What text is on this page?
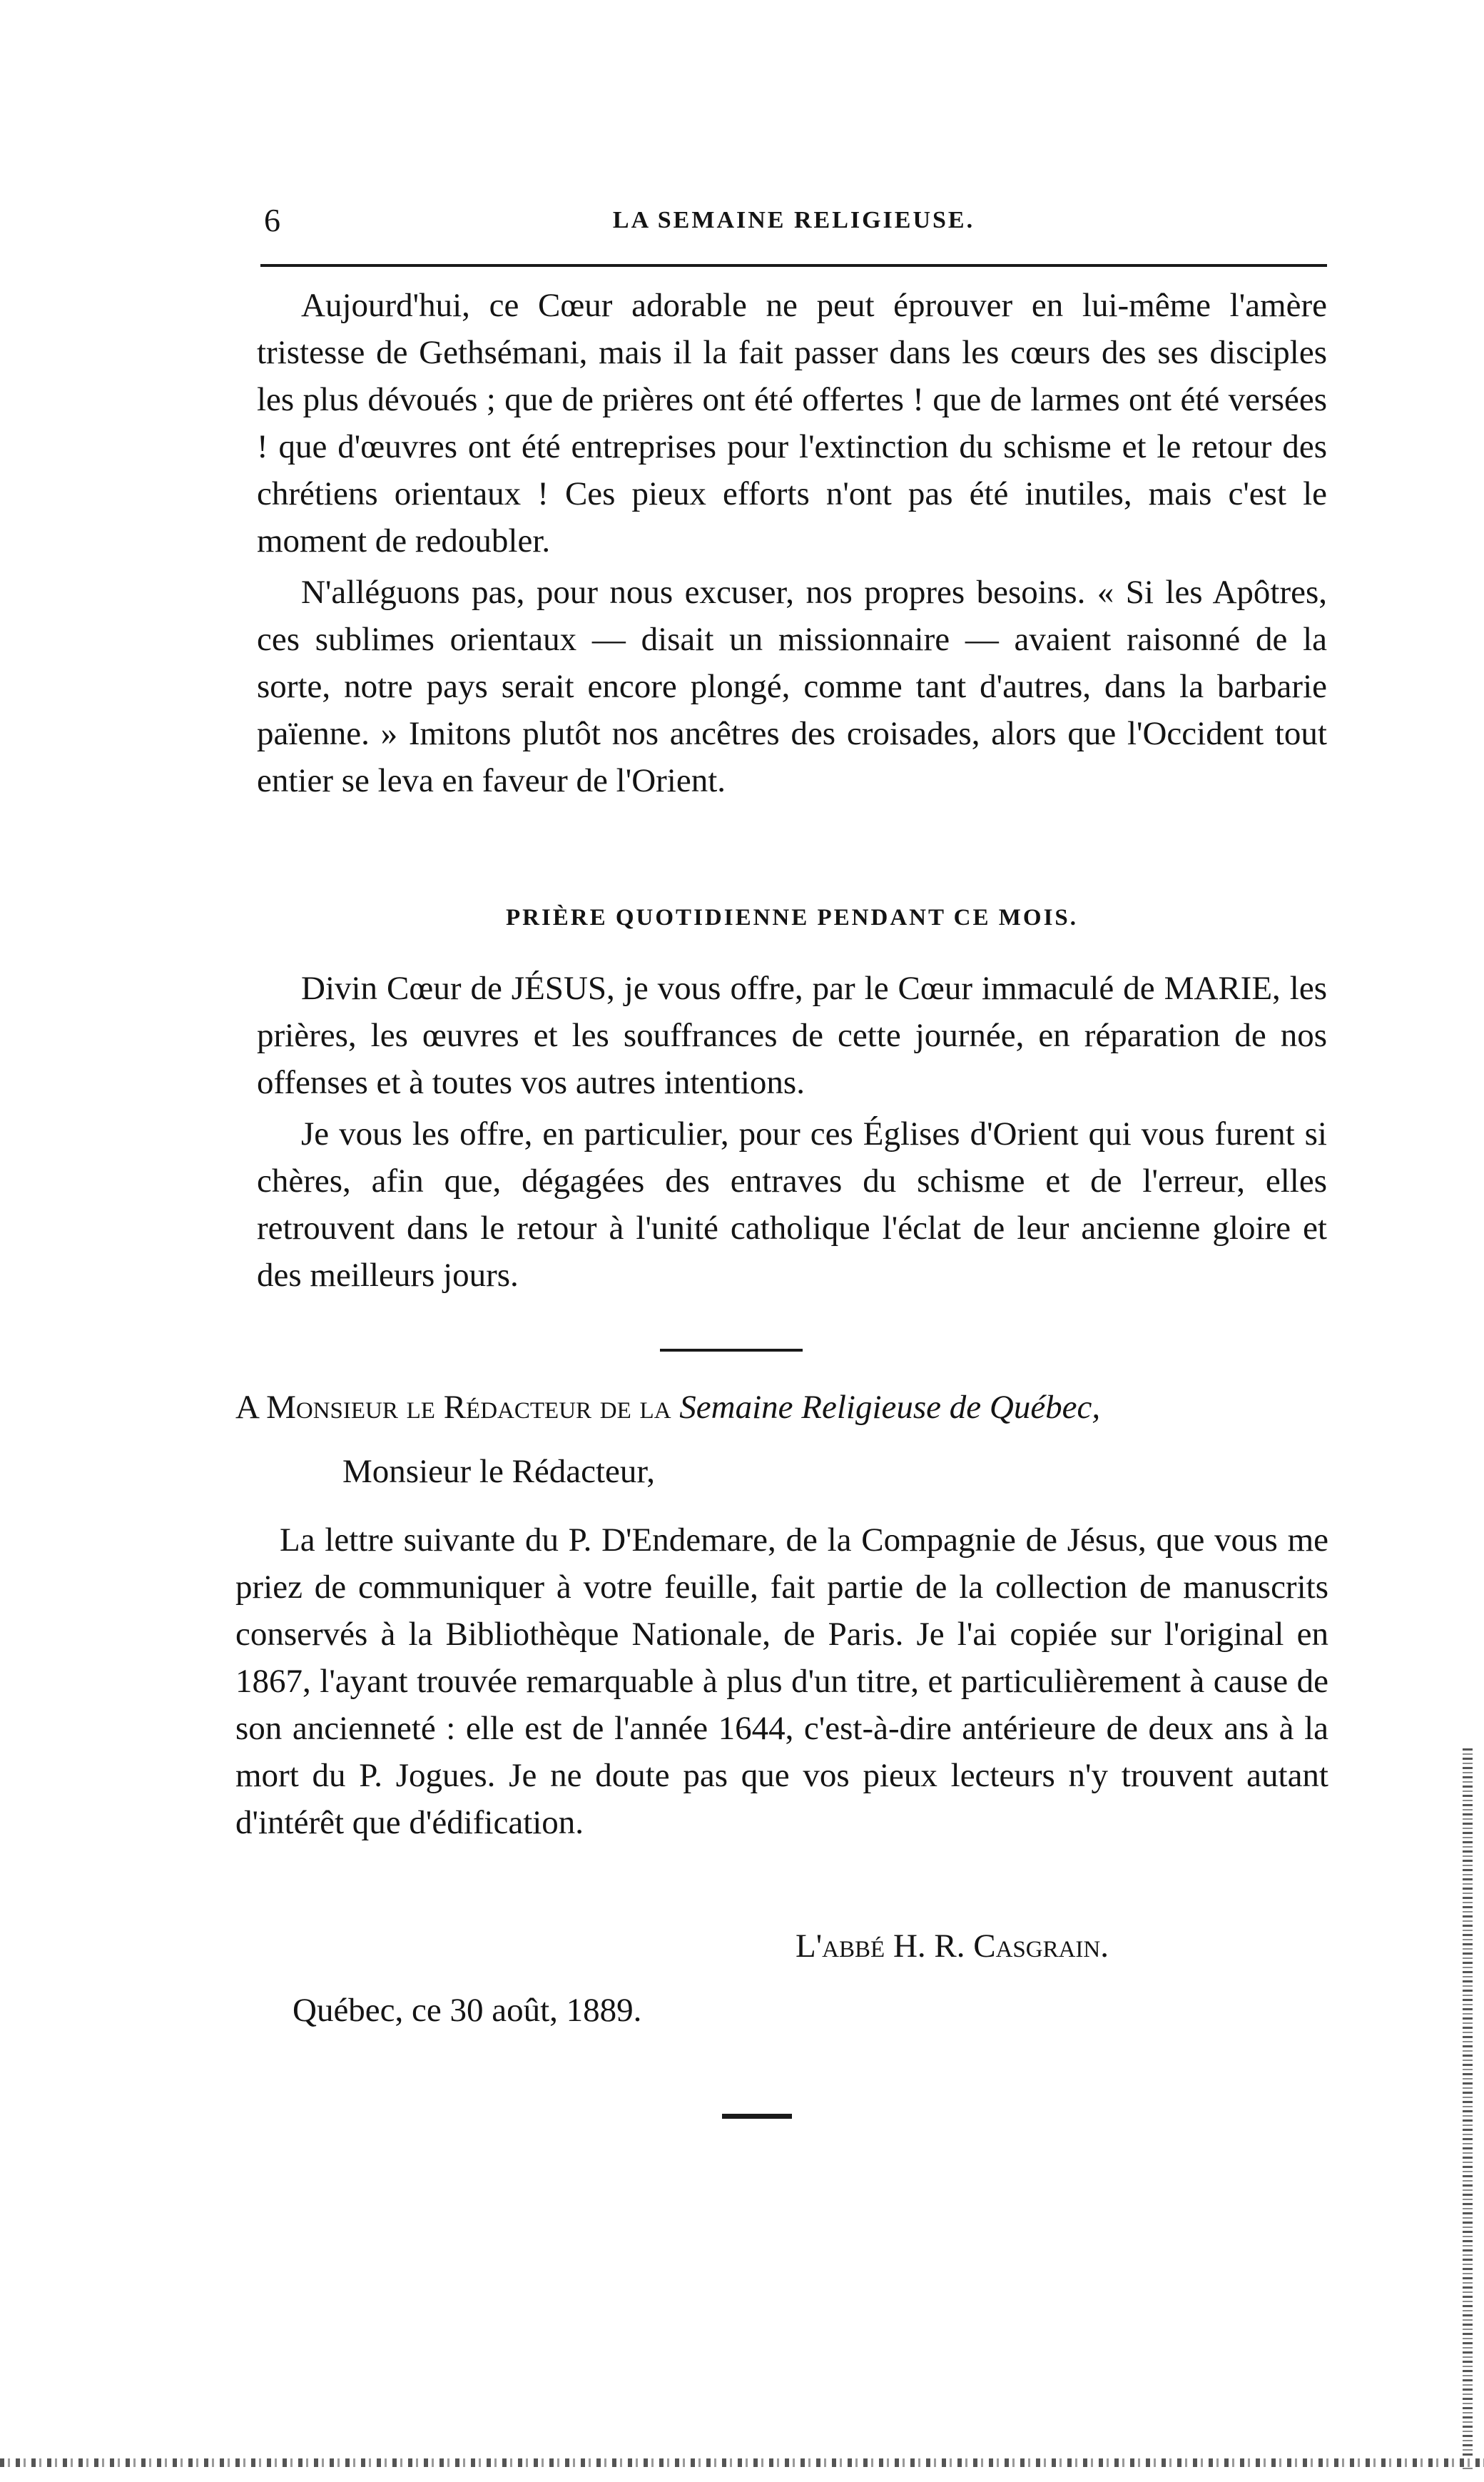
6	LA SEMAINE RELIGIEUSE.

Aujourd'hui, ce Cœur adorable ne peut éprouver en lui-même l'amère tristesse de Gethsémani, mais il la fait passer dans les cœurs des ses disciples les plus dévoués ; que de prières ont été offertes ! que de larmes ont été versées ! que d'œuvres ont été entreprises pour l'extinction du schisme et le retour des chrétiens orientaux ! Ces pieux efforts n'ont pas été inutiles, mais c'est le moment de redoubler.

N'alléguons pas, pour nous excuser, nos propres besoins. « Si les Apôtres, ces sublimes orientaux — disait un missionnaire — avaient raisonné de la sorte, notre pays serait encore plongé, comme tant d'autres, dans la barbarie païenne. » Imitons plutôt nos ancêtres des croisades, alors que l'Occident tout entier se leva en faveur de l'Orient.

PRIÈRE QUOTIDIENNE PENDANT CE MOIS.

Divin Cœur de JÉSUS, je vous offre, par le Cœur immaculé de MARIE, les prières, les œuvres et les souffrances de cette journée, en réparation de nos offenses et à toutes vos autres intentions.

Je vous les offre, en particulier, pour ces Églises d'Orient qui vous furent si chères, afin que, dégagées des entraves du schisme et de l'erreur, elles retrouvent dans le retour à l'unité catholique l'éclat de leur ancienne gloire et des meilleurs jours.

A Monsieur le Rédacteur de la Semaine Religieuse de Québec,
Monsieur le Rédacteur,

La lettre suivante du P. D'Endemare, de la Compagnie de Jésus, que vous me priez de communiquer à votre feuille, fait partie de la collection de manuscrits conservés à la Bibliothèque Nationale, de Paris. Je l'ai copiée sur l'original en 1867, l'ayant trouvée remarquable à plus d'un titre, et particulièrement à cause de son ancienneté : elle est de l'année 1644, c'est-à-dire antérieure de deux ans à la mort du P. Jogues. Je ne doute pas que vos pieux lecteurs n'y trouvent autant d'intérêt que d'édification.

L'abbé H. R. Casgrain.
Québec, ce 30 août, 1889.
